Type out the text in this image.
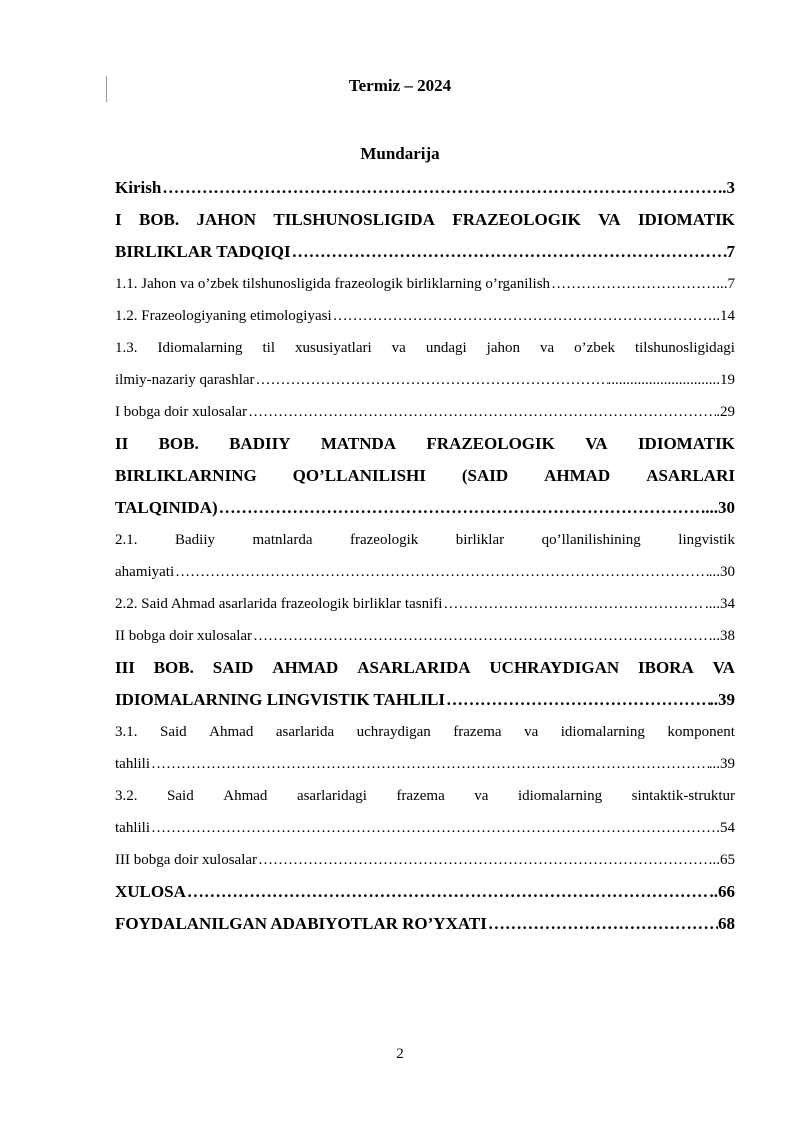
Termiz – 2024
Mundarija
Kirish …………………………………………………………………………………………………………………………………………………………………………………………………………………………………………	..3
I BOB. JAHON TILSHUNOSLIGIDA FRAZEOLOGIK VA IDIOMATIK
BIRLIKLAR TADQIQI …………………………………………………………………………………………………………………………………………………………………………………………………………………………………………	7
1.1. Jahon va o’zbek tilshunosligida frazeologik birliklarning o’rganilish …………………………………………………………………………………………………………………………………………………………………………………………………………………………………………	...7
1.2. Frazeologiyaning etimologiyasi …………………………………………………………………………………………………………………………………………………………………………………………………………………………………………	..14
1.3. Idiomalarning til xususiyatlari va undagi jahon va o’zbek tilshunosligidagi
ilmiy-nazariy qarashlar …………………………………………………………………………………………………………………………………………………………………………………………………………………………………………	..............................19
I bobga doir xulosalar …………………………………………………………………………………………………………………………………………………………………………………………………………………………………………	.29
II BOB. BADIIY MATNDA FRAZEOLOGIK VA IDIOMATIK
BIRLIKLARNING QO’LLANILISHI (SAID AHMAD ASARLARI
TALQINIDA) …………………………………………………………………………………………………………………………………………………………………………………………………………………………………………	...30
2.1.	Badiiy	matnlarda	frazeologik	birliklar	qo’llanilishining	lingvistik
ahamiyati …………………………………………………………………………………………………………………………………………………………………………………………………………………………………………	...30
2.2. Said Ahmad asarlarida frazeologik birliklar tasnifi …………………………………………………………………………………………………………………………………………………………………………………………………………………………………………	....34
II bobga doir xulosalar …………………………………………………………………………………………………………………………………………………………………………………………………………………………………………	...38
III BOB. SAID AHMAD ASARLARIDA UCHRAYDIGAN IBORA VA
IDIOMALARNING LINGVISTIK TAHLILI …………………………………………………………………………………………………………………………………………………………………………………………………………………………………………	..39
3.1. Said Ahmad asarlarida uchraydigan frazema va idiomalarning komponent
tahlili …………………………………………………………………………………………………………………………………………………………………………………………………………………………………………	...39
3.2. Said Ahmad asarlaridagi frazema va idiomalarning sintaktik-struktur
tahlili …………………………………………………………………………………………………………………………………………………………………………………………………………………………………………	.54
III bobga doir xulosalar …………………………………………………………………………………………………………………………………………………………………………………………………………………………………………	..65
XULOSA …………………………………………………………………………………………………………………………………………………………………………………………………………………………………………	..66
FOYDALANILGAN ADABIYOTLAR RO’YXATI …………………………………………………………………………………………………………………………………………………………………………………………………………………………………………	68
2
